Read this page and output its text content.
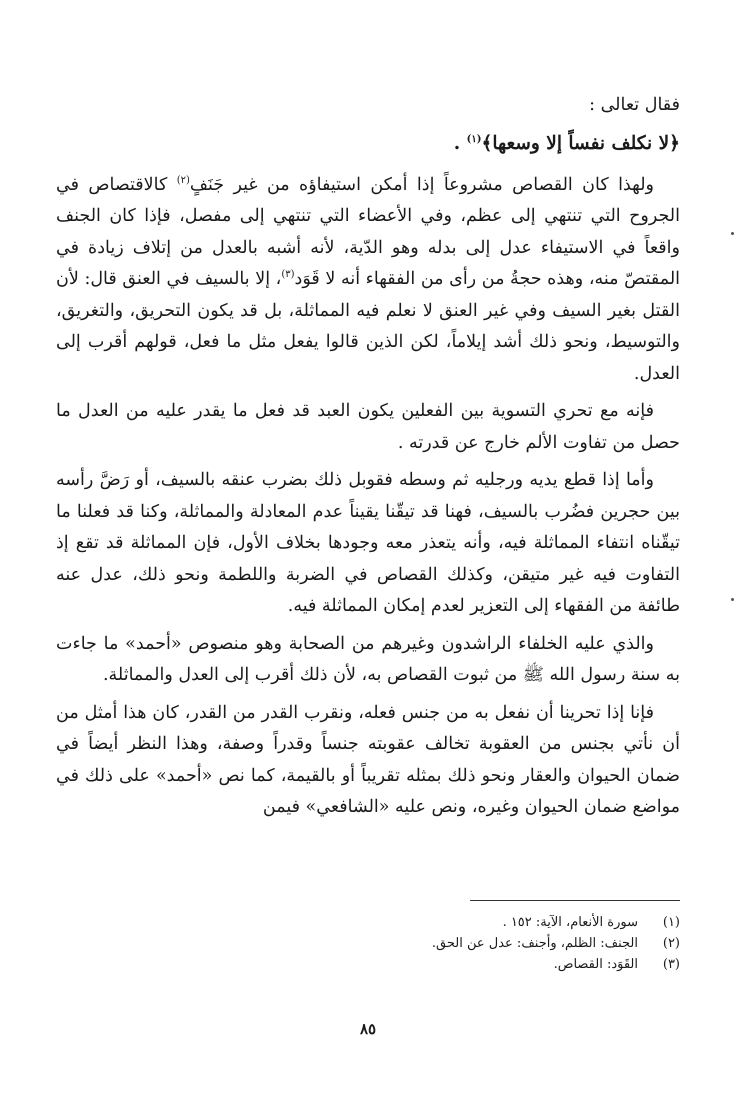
فقال تعالى :
﴿لا نكلف نفساً إلا وسعها﴾$^{(١)}$ .

ولهذا كان القصاص مشروعاً إذا أمكن استيفاؤه من غير جَنَفٍ$^{(٢)}$ كالاقتصاص في الجروح التي تنتهي إلى عظم، وفي الأعضاء التي تنتهي إلى مفصل، فإذا كان الجنف واقعاً في الاستيفاء عدل إلى بدله وهو الدّية، لأنه أشبه بالعدل من إتلاف زيادة في المقتصّ منه، وهذه حجةُ من رأى من الفقهاء أنه لا قَوَد$^{(٣)}$، إلا بالسيف في العنق قال: لأن القتل بغير السيف وفي غير العنق لا نعلم فيه المماثلة، بل قد يكون التحريق، والتغريق، والتوسيط، ونحو ذلك أشد إيلاماً، لكن الذين قالوا يفعل مثل ما فعل، قولهم أقرب إلى العدل.

فإنه مع تحري التسوية بين الفعلين يكون العبد قد فعل ما يقدر عليه من العدل ما حصل من تفاوت الألم خارج عن قدرته .

وأما إذا قطع يديه ورجليه ثم وسطه فقوبل ذلك بضرب عنقه بالسيف، أو رَضَّ رأسه بين حجرين فضُرب بالسيف، فهنا قد تيقّنا يقيناً عدم المعادلة والمماثلة، وكنا قد فعلنا ما تيقّناه انتفاء المماثلة فيه، وأنه يتعذر معه وجودها بخلاف الأول، فإن المماثلة قد تقع إذ التفاوت فيه غير متيقن، وكذلك القصاص في الضربة واللطمة ونحو ذلك، عدل عنه طائفة من الفقهاء إلى التعزير لعدم إمكان المماثلة فيه.

والذي عليه الخلفاء الراشدون وغيرهم من الصحابة وهو منصوص «أحمد» ما جاءت به سنة رسول الله ﷺ من ثبوت القصاص به، لأن ذلك أقرب إلى العدل والمماثلة.

فإنا إذا تحرينا أن نفعل به من جنس فعله، ونقرب القدر من القدر، كان هذا أمثل من أن نأتي بجنس من العقوبة تخالف عقوبته جنساً وقدراً وصفة، وهذا النظر أيضاً في ضمان الحيوان والعقار ونحو ذلك بمثله تقريباً أو بالقيمة، كما نص «أحمد» على ذلك في مواضع ضمان الحيوان وغيره، ونص عليه «الشافعي» فيمن

(١)
سورة الأنعام، الآية: ١٥٢ .
(٢)
الجنف: الظلم، وأجنف: عدل عن الحق.
(٣)
القَوَد: القصاص.
٨٥
